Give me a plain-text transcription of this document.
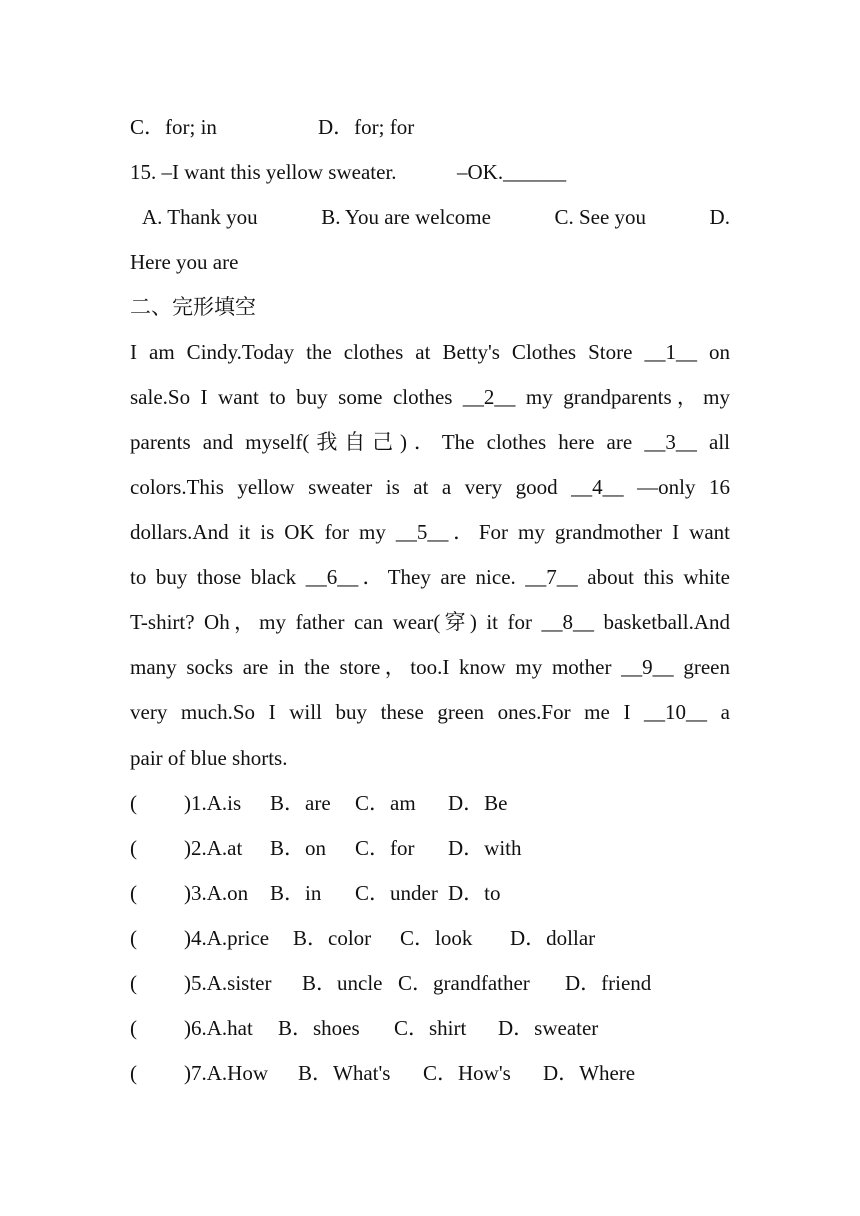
C．for; in	D．for; for
15. –I want this yellow sweater.	–OK.______
A. Thank you	B. You are welcome	C. See you	D.
Here you are
二、完形填空
I am Cindy.Today the clothes at Betty's Clothes Store __1__ on
sale.So I want to buy some clothes __2__ my grandparents，my
parents and myself(我自己)．The clothes here are __3__ all
colors.This yellow sweater is at a very good __4__ —only 16
dollars.And it is OK for my __5__．For my grandmother I want
to buy those black __6__．They are nice. __7__ about this white
T-shirt? Oh，my father can wear(穿) it for __8__ basketball.And
many socks are in the store，too.I know my mother __9__ green
very much.So I will buy these green ones.For me I __10__ a
pair of blue shorts.
( )1.A.is B．are C．am D．Be
( )2.A.at B．on C．for D．with
( )3.A.on B．in C．under D．to
( )4.A.price B．color C．look D．dollar
( )5.A.sister B．uncle C．grandfather D．friend
( )6.A.hat B．shoes C．shirt D．sweater
( )7.A.How B．What's C．How's D．Where
